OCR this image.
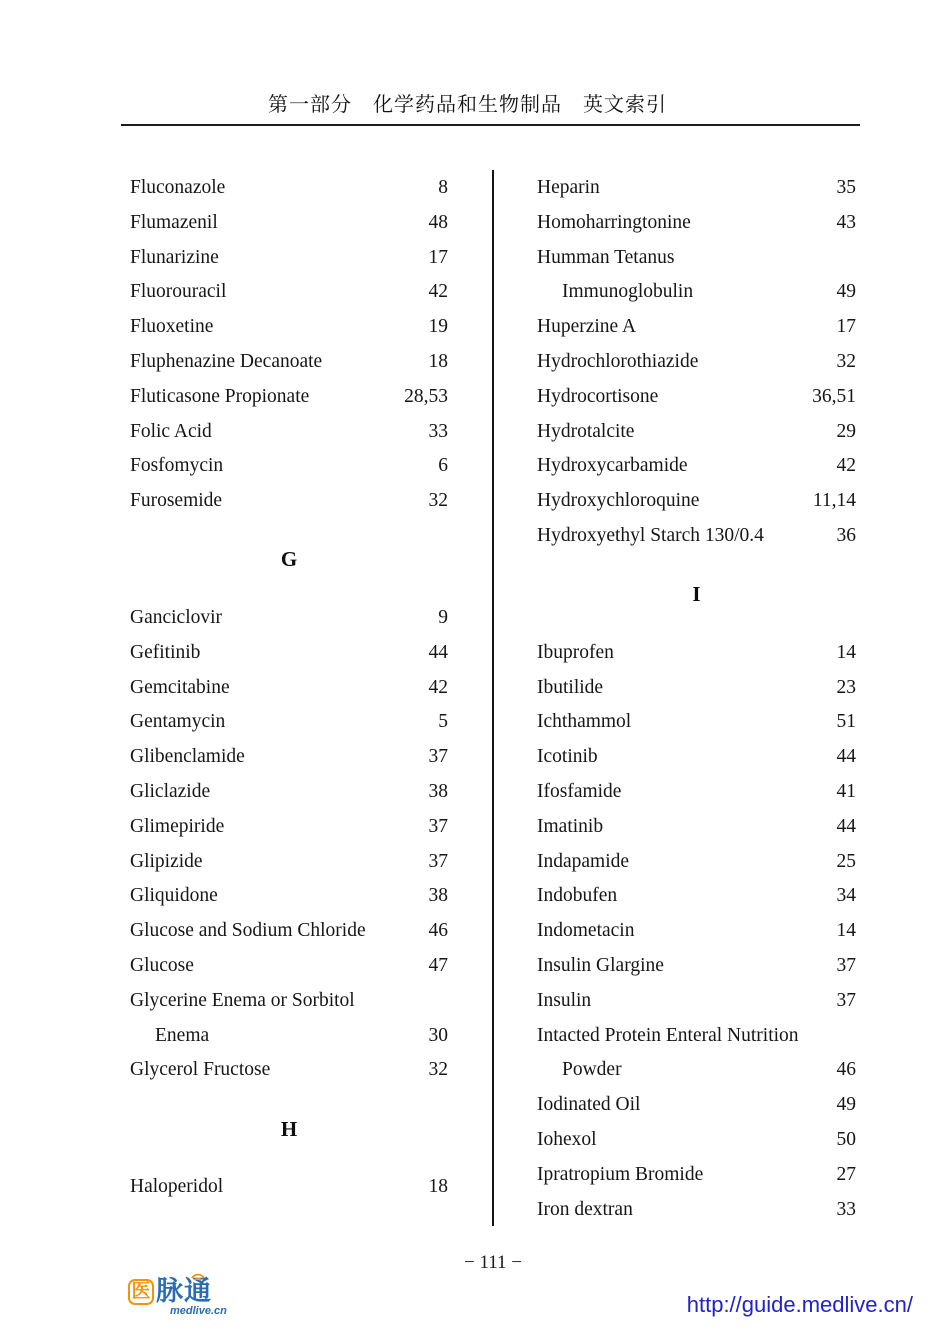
第一部分　化学药品和生物制品　英文索引
Fluconazole	8
Flumazenil	48
Flunarizine	17
Fluorouracil	42
Fluoxetine	19
Fluphenazine Decanoate	18
Fluticasone Propionate	28,53
Folic Acid	33
Fosfomycin	6
Furosemide	32
G
Ganciclovir	9
Gefitinib	44
Gemcitabine	42
Gentamycin	5
Glibenclamide	37
Gliclazide	38
Glimepiride	37
Glipizide	37
Gliquidone	38
Glucose and Sodium Chloride	46
Glucose	47
Glycerine Enema or Sorbitol
Enema	30
Glycerol Fructose	32
H
Haloperidol	18
Heparin	35
Homoharringtonine	43
Humman Tetanus
Immunoglobulin	49
Huperzine A	17
Hydrochlorothiazide	32
Hydrocortisone	36,51
Hydrotalcite	29
Hydroxycarbamide	42
Hydroxychloroquine	11,14
Hydroxyethyl Starch 130/0.4	36
I
Ibuprofen	14
Ibutilide	23
Ichthammol	51
Icotinib	44
Ifosfamide	41
Imatinib	44
Indapamide	25
Indobufen	34
Indometacin	14
Insulin Glargine	37
Insulin	37
Intacted Protein Enteral Nutrition
Powder	46
Iodinated Oil	49
Iohexol	50
Ipratropium Bromide	27
Iron dextran	33
− 111 −
医 脉通
medlive.cn	http://guide.medlive.cn/
